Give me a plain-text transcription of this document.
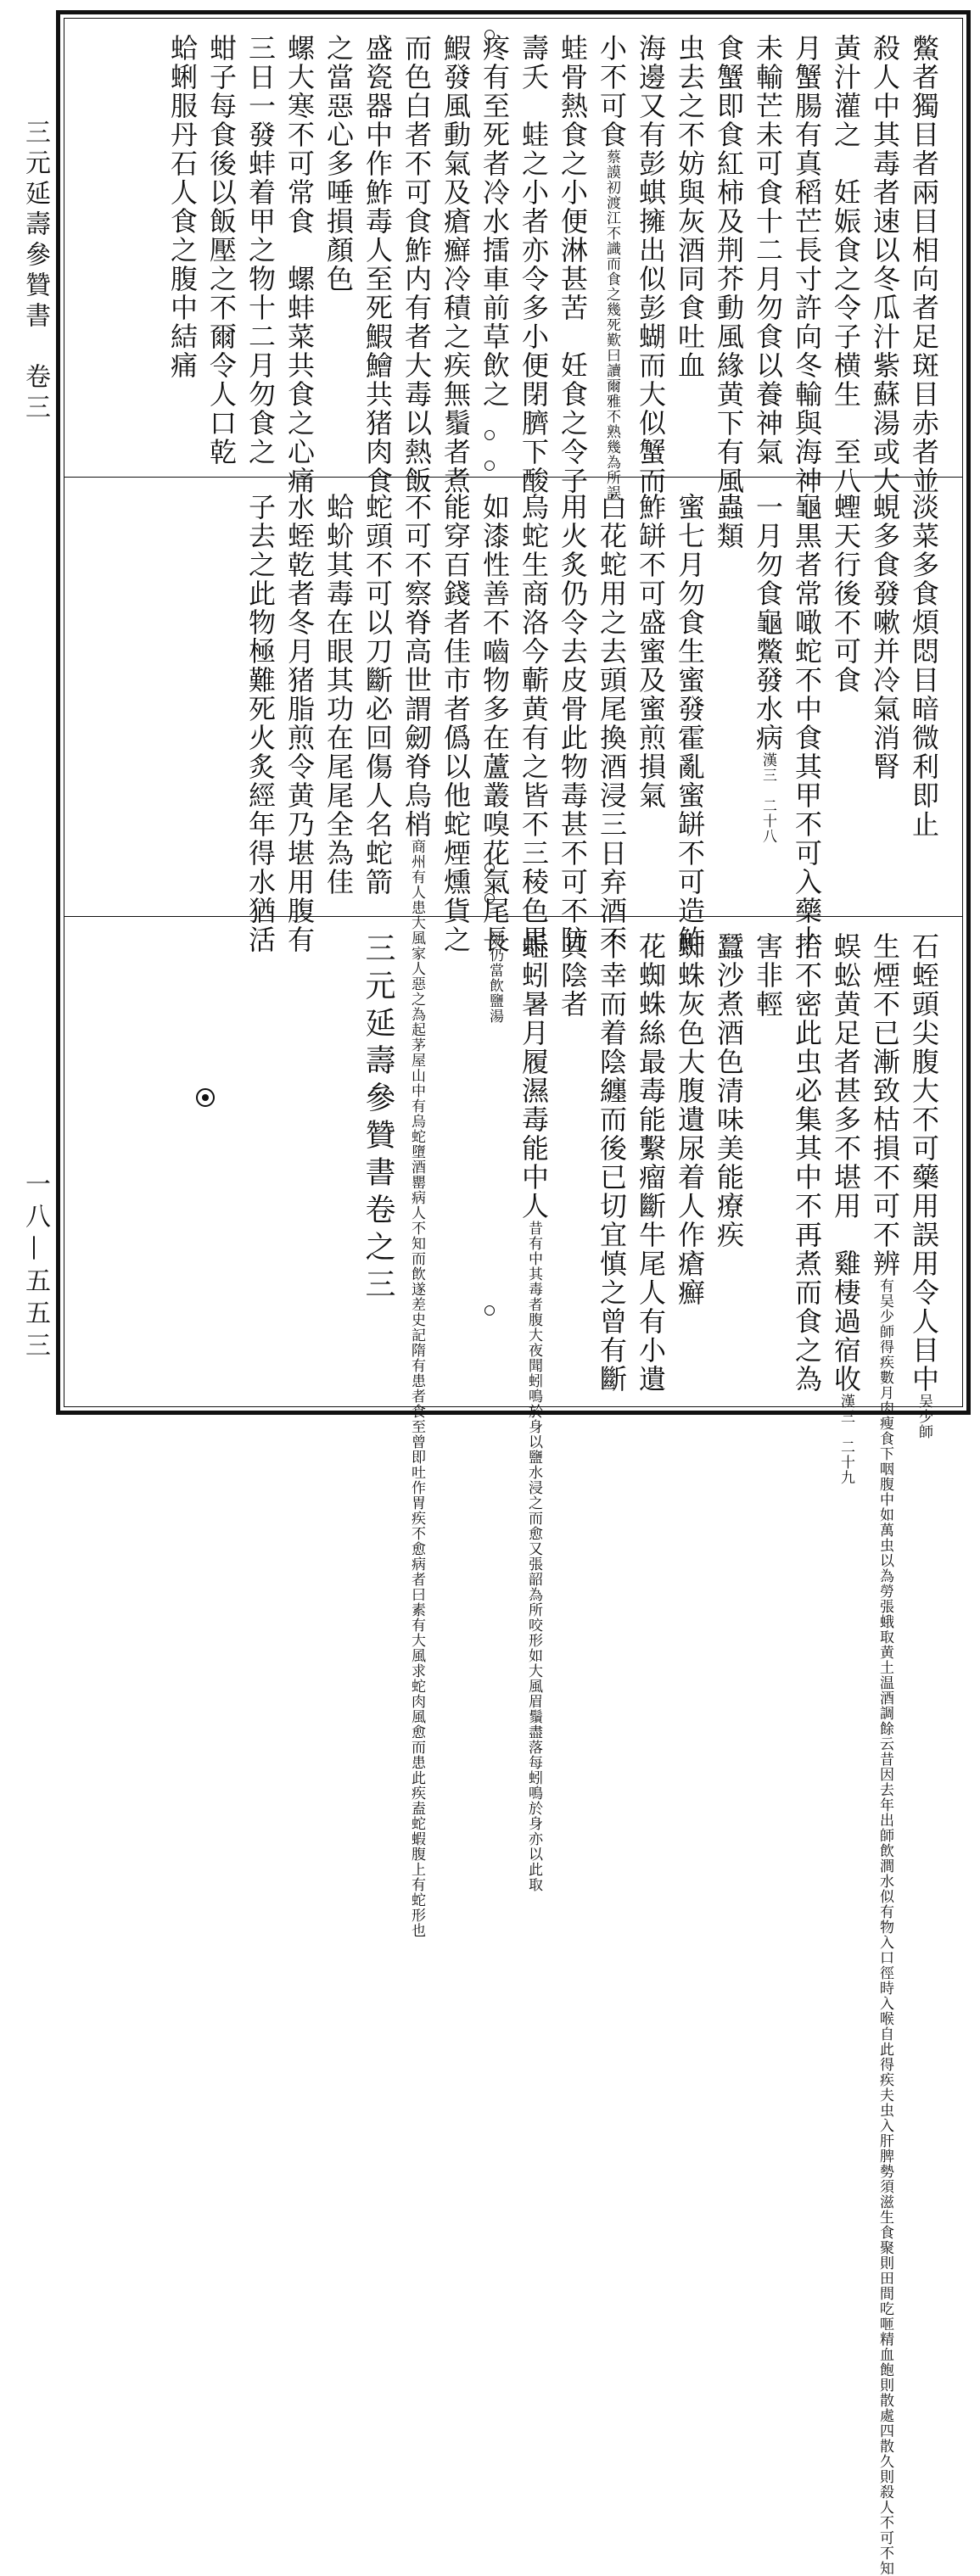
三元延壽參贊書　卷三
一八—五五三
鱉者獨目者兩目相向者足斑目赤者並
殺人中其毒者速以冬瓜汁紫蘇湯或大
黃汁灌之　妊娠食之令子横生　至八
月蟹腸有真稻芒長寸許向冬輸與海神
未輸芒未可食十二月勿食以養神氣
食蟹即食紅柿及荆芥動風緣黄下有風
虫去之不妨與灰酒同食吐血
海邊又有彭蜞擁出似彭蝴而大似蟹而
小不可食蔡謨初渡江不識而食之幾死歎曰讀爾雅不熟幾為所誤
蛙骨熱食之小便淋甚苦　妊食之令子
壽夭　蛙之小者亦令多小便閉臍下酸
疼有至死者冷水擂車前草飲之
鰕發風動氣及瘡癬冷積之疾無鬚者煮
而色白者不可食鮓内有者大毒以熱飯
盛瓷器中作鮓毒人至死鰕鱠共猪肉食
之當惡心多唾損顏色
螺大寒不可常食　螺蚌菜共食之心痛
三日一發蚌着甲之物十二月勿食之
蚶子每食後以飯壓之不爾令人口乾
蛤蜊服丹石人食之腹中結痛
淡菜多食煩悶目暗微利即止
蜆多食發嗽并冷氣消腎
蟶天行後不可食
龜黒者常噉蛇不中食其甲不可入藥十
一月勿食龜鱉發水病漢三　二十八
蟲類
蜜七月勿食生蜜發霍亂蜜缾不可造鮓
鮓缾不可盛蜜及蜜煎損氣
白花蛇用之去頭尾換酒浸三日弃酒不
用火炙仍令去皮骨此物毒甚不可不防
烏蛇生商洛今蘄黄有之皆不三稜色黒
如漆性善不嚙物多在蘆叢嗅花氣尾長
能穿百錢者佳市者僞以他蛇煙燻貨之
不可不察脊高世謂劒脊烏梢商州有人患大風家人惡之為起茅屋山中有烏蛇墮酒罌病人不知而飲遂差史記隋有患者食至曾即吐作胃疾不愈病者曰素有大風求蛇肉風愈而患此疾盍蛇蝦腹上有蛇形也
蛇頭不可以刀斷必回傷人名蛇箭
蛤蚧其毒在眼其功在尾尾全為佳
水蛭乾者冬月猪脂煎令黄乃堪用腹有
子去之此物極難死火炙經年得水猶活
石蛭頭尖腹大不可藥用誤用令人目中吴少師
生煙不已漸致枯損不可不辨有吴少師得疾數月肉瘦食下咽腹中如萬虫以為勞張蛾取黄土温酒調餘云昔因去年出師飲澗水似有物入口徑時入喉自此得疾夫虫入肝脾勢須滋生食聚則田間吃咂精血飽則散處四散久則殺人不可不知
蜈蚣黄足者甚多不堪用　雞棲過宿收漢三　二十九
拾不密此虫必集其中不再煮而食之為
害非輕
蠶沙煮酒色清味美能療疾
蜘蛛灰色大腹遺尿着人作瘡癬
花蜘蛛絲最毒能繫瘤斷牛尾人有小遺
不幸而着陰纏而後已切宜慎之曾有斷
其陰者
蚯蚓暑月履濕毒能中人昔有中其毒者腹大夜聞蚓鳴於身以鹽水浸之而愈又張韶為所咬形如大風眉鬚盡落每蚓鳴於身亦以此取
効仍當飲鹽湯
三元延壽參贊書卷之三
